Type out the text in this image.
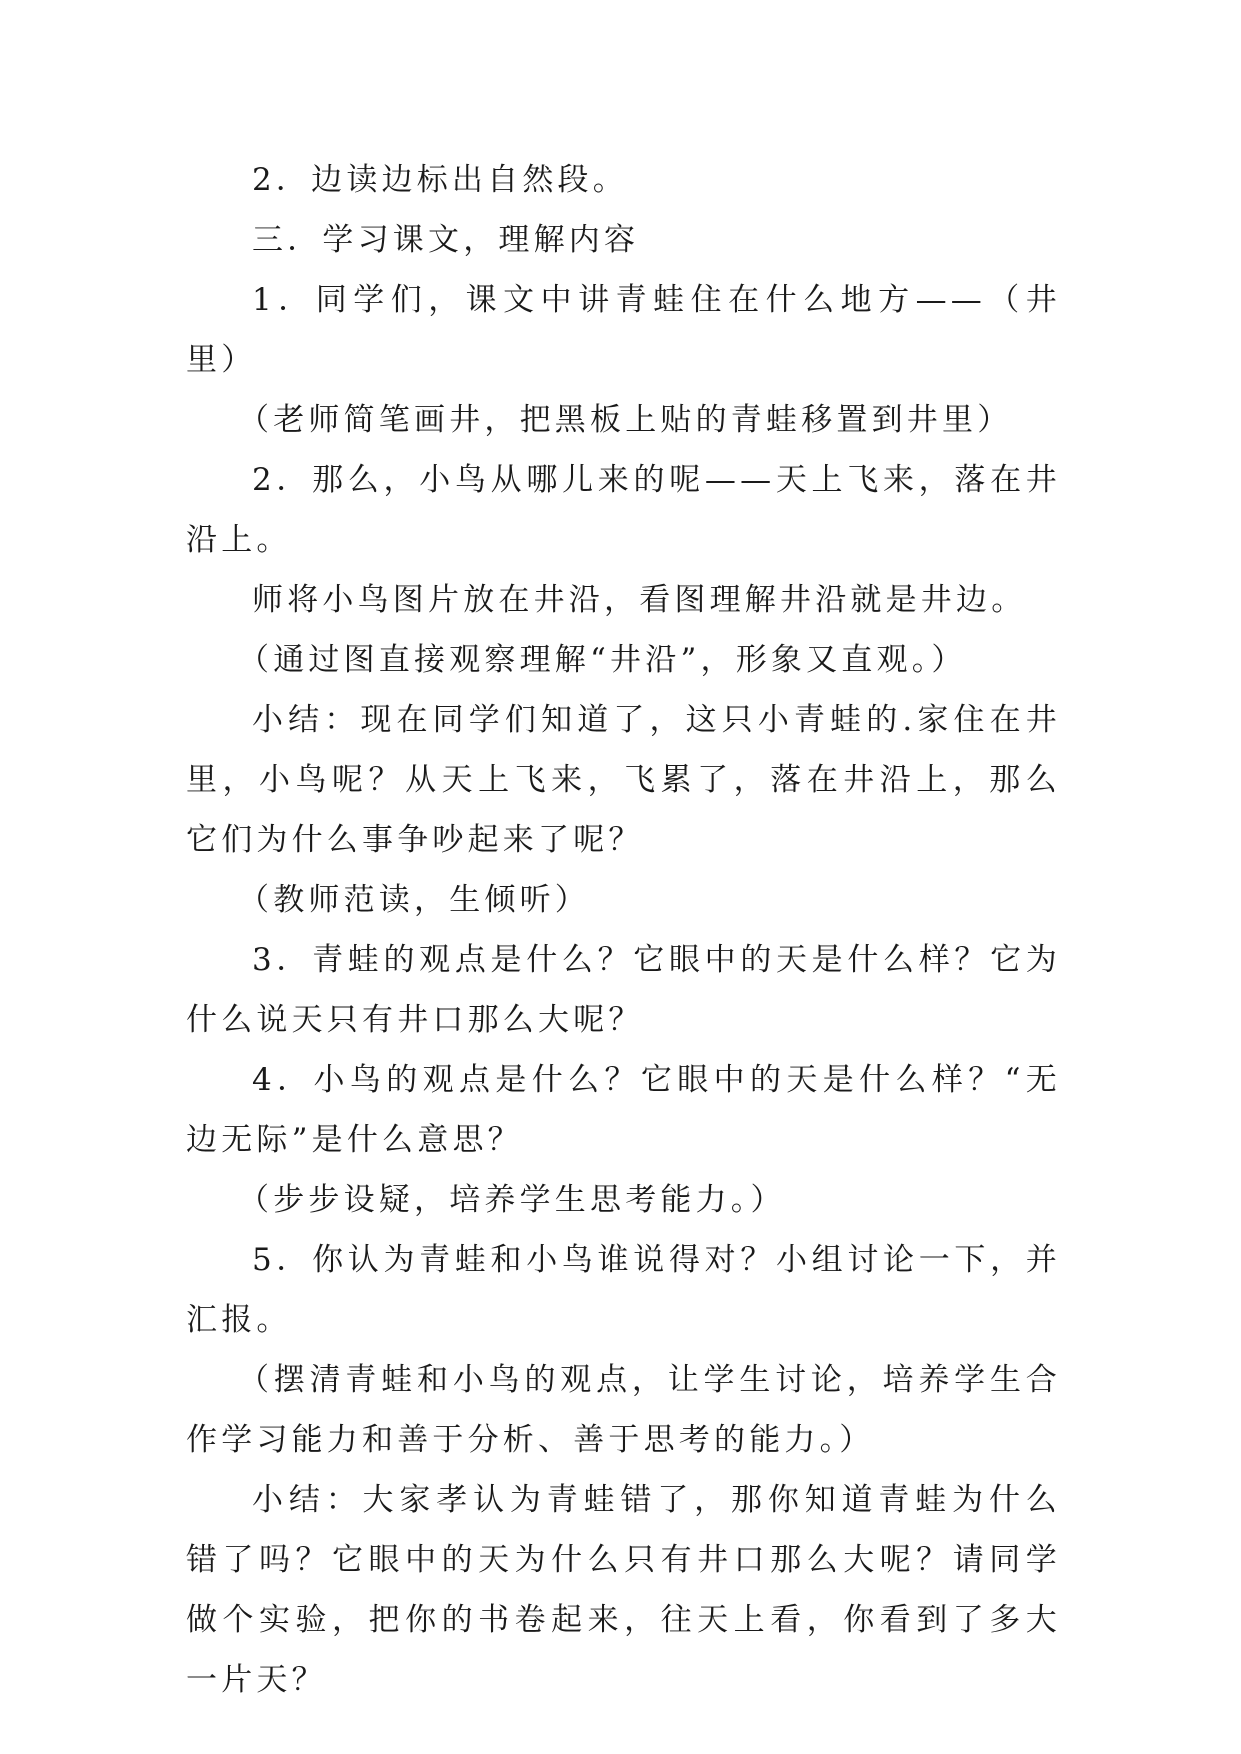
2．边读边标出自然段。

三．学习课文，理解内容

1．同学们，课文中讲青蛙住在什么地方——（井里）

（老师简笔画井，把黑板上贴的青蛙移置到井里）

2．那么，小鸟从哪儿来的呢——天上飞来，落在井沿上。

师将小鸟图片放在井沿，看图理解井沿就是井边。

（通过图直接观察理解“井沿”，形象又直观。）

小结：现在同学们知道了，这只小青蛙的.家住在井里，小鸟呢？从天上飞来，飞累了，落在井沿上，那么它们为什么事争吵起来了呢？

（教师范读，生倾听）

3．青蛙的观点是什么？它眼中的天是什么样？它为什么说天只有井口那么大呢？

4．小鸟的观点是什么？它眼中的天是什么样？“无边无际”是什么意思？

（步步设疑，培养学生思考能力。）

5．你认为青蛙和小鸟谁说得对？小组讨论一下，并汇报。

（摆清青蛙和小鸟的观点，让学生讨论，培养学生合作学习能力和善于分析、善于思考的能力。）

小结：大家孝认为青蛙错了，那你知道青蛙为什么错了吗？它眼中的天为什么只有井口那么大呢？请同学做个实验，把你的书卷起来，往天上看，你看到了多大一片天？
